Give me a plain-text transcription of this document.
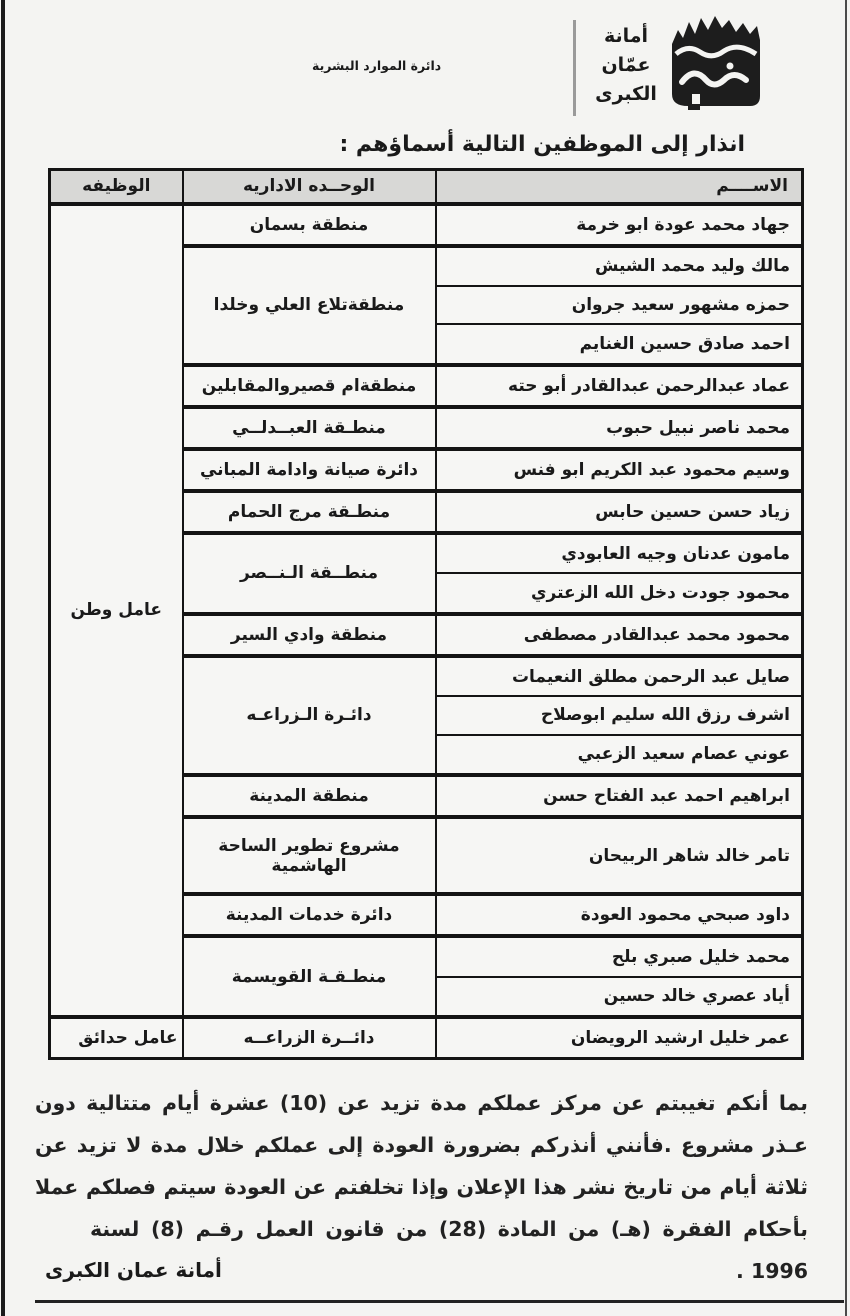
أمانة
عمّان
الكبرى
دائرة الموارد البشرية
انذار إلى الموظفين التالية أسماؤهم :
الاســــم	الوحــده الاداريه	الوظيفه
جهاد محمد عودة ابو خرمة	منطقة بسمان	عامل وطن
مالك وليد محمد الشيش	منطقةتلاع العلي وخلدا	
حمزه مشهور سعيد جروان		
احمد صادق حسين الغنايم		
عماد عبدالرحمن عبدالقادر أبو حته	منطقةام قصيروالمقابلين	
محمد ناصر نبيل حبوب	منطـقة العبــدلــي	
وسيم محمود عبد الكريم ابو فنس	دائرة صيانة وادامة المباني	
زياد حسن حسين حابس	منطـقة مرج الحمام	
مامون عدنان وجيه العابودي	منطــقة الـنــصر	
محمود جودت دخل الله الزعتري		
محمود محمد عبدالقادر مصطفى	منطقة وادي السير	
صايل عبد الرحمن مطلق النعيمات	دائـرة الـزراعـه	
اشرف رزق الله سليم ابوصلاح		
عوني عصام سعيد الزعبي		
ابراهيم احمد عبد الفتاح حسن	منطقة المدينة	
تامر خالد شاهر الربيحان	مشروع تطوير الساحة الهاشمية	
داود صبحي محمود العودة	دائرة خدمات المدينة	
محمد خليل صبري بلح	منطـقـة القويسمة	
أياد عصري خالد حسين		
عمر خليل ارشيد الرويضان	دائــرة الزراعــه	عامل حدائق
بما أنكم تغيبتم عن مركز عملكم مدة تزيد عن (10) عشرة أيام متتالية دون
عـذر مشروع .فأنني أنذركم بضرورة العودة إلى عملكم خلال مدة لا تزيد عن
ثلاثة أيام من تاريخ نشر هذا الإعلان وإذا تخلفتم عن العودة سيتم فصلكم عملا
بأحكام الفقرة (هـ) من المادة (28) من قانون العمل رقـم (8) لسنة 1996 .
أمانة عمان الكبرى
